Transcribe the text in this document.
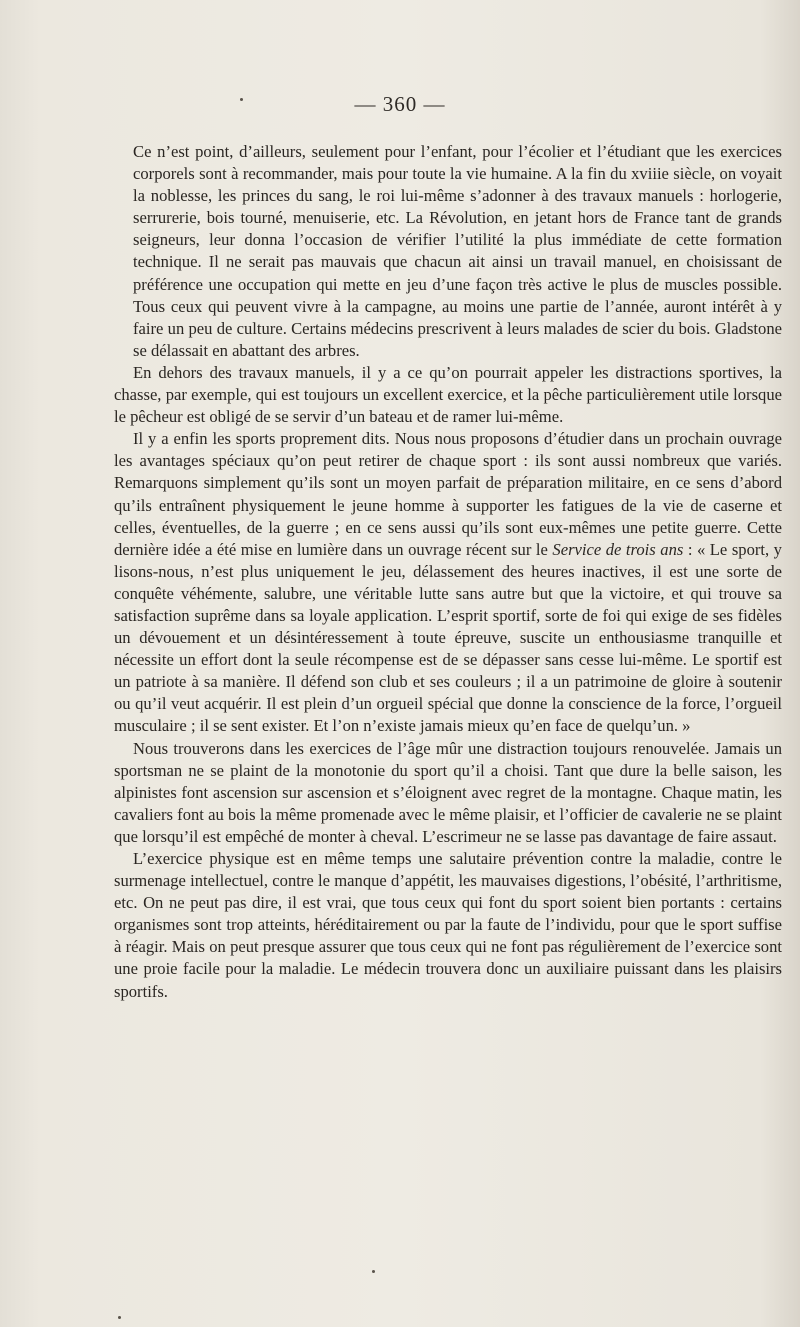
— 360 —

Ce n’est point, d’ailleurs, seulement pour l’enfant, pour l’écolier et l’étudiant que les exercices corporels sont à recommander, mais pour toute la vie humaine. A la fin du xviiie siècle, on voyait la noblesse, les princes du sang, le roi lui-même s’adonner à des travaux manuels : horlogerie, serrurerie, bois tourné, menuiserie, etc. La Révolution, en jetant hors de France tant de grands seigneurs, leur donna l’occasion de vérifier l’utilité la plus immédiate de cette formation technique. Il ne serait pas mauvais que chacun ait ainsi un travail manuel, en choisissant de préférence une occupation qui mette en jeu d’une façon très active le plus de muscles possible. Tous ceux qui peuvent vivre à la campagne, au moins une partie de l’année, auront intérêt à y faire un peu de culture. Certains médecins prescrivent à leurs malades de scier du bois. Gladstone se délassait en abattant des arbres.

En dehors des travaux manuels, il y a ce qu’on pourrait appeler les distractions sportives, la chasse, par exemple, qui est toujours un excellent exercice, et la pêche particulièrement utile lorsque le pêcheur est obligé de se servir d’un bateau et de ramer lui-même.

Il y a enfin les sports proprement dits. Nous nous proposons d’étudier dans un prochain ouvrage les avantages spéciaux qu’on peut retirer de chaque sport : ils sont aussi nombreux que variés. Remarquons simplement qu’ils sont un moyen parfait de préparation militaire, en ce sens d’abord qu’ils entraînent physiquement le jeune homme à supporter les fatigues de la vie de caserne et celles, éventuelles, de la guerre ; en ce sens aussi qu’ils sont eux-mêmes une petite guerre. Cette dernière idée a été mise en lumière dans un ouvrage récent sur le Service de trois ans : « Le sport, y lisons-nous, n’est plus uniquement le jeu, délassement des heures inactives, il est une sorte de conquête véhémente, salubre, une véritable lutte sans autre but que la victoire, et qui trouve sa satisfaction suprême dans sa loyale application. L’esprit sportif, sorte de foi qui exige de ses fidèles un dévouement et un désintéressement à toute épreuve, suscite un enthousiasme tranquille et nécessite un effort dont la seule récompense est de se dépasser sans cesse lui-même. Le sportif est un patriote à sa manière. Il défend son club et ses couleurs ; il a un patrimoine de gloire à soutenir ou qu’il veut acquérir. Il est plein d’un orgueil spécial que donne la conscience de la force, l’orgueil musculaire ; il se sent exister. Et l’on n’existe jamais mieux qu’en face de quelqu’un. »

Nous trouverons dans les exercices de l’âge mûr une distraction toujours renouvelée. Jamais un sportsman ne se plaint de la monotonie du sport qu’il a choisi. Tant que dure la belle saison, les alpinistes font ascension sur ascension et s’éloignent avec regret de la montagne. Chaque matin, les cavaliers font au bois la même promenade avec le même plaisir, et l’officier de cavalerie ne se plaint que lorsqu’il est empêché de monter à cheval. L’escrimeur ne se lasse pas davantage de faire assaut.

L’exercice physique est en même temps une salutaire prévention contre la maladie, contre le surmenage intellectuel, contre le manque d’appétit, les mauvaises digestions, l’obésité, l’arthritisme, etc. On ne peut pas dire, il est vrai, que tous ceux qui font du sport soient bien portants : certains organismes sont trop atteints, héréditairement ou par la faute de l’individu, pour que le sport suffise à réagir. Mais on peut presque assurer que tous ceux qui ne font pas régulièrement de l’exercice sont une proie facile pour la maladie. Le médecin trouvera donc un auxiliaire puissant dans les plaisirs sportifs.
